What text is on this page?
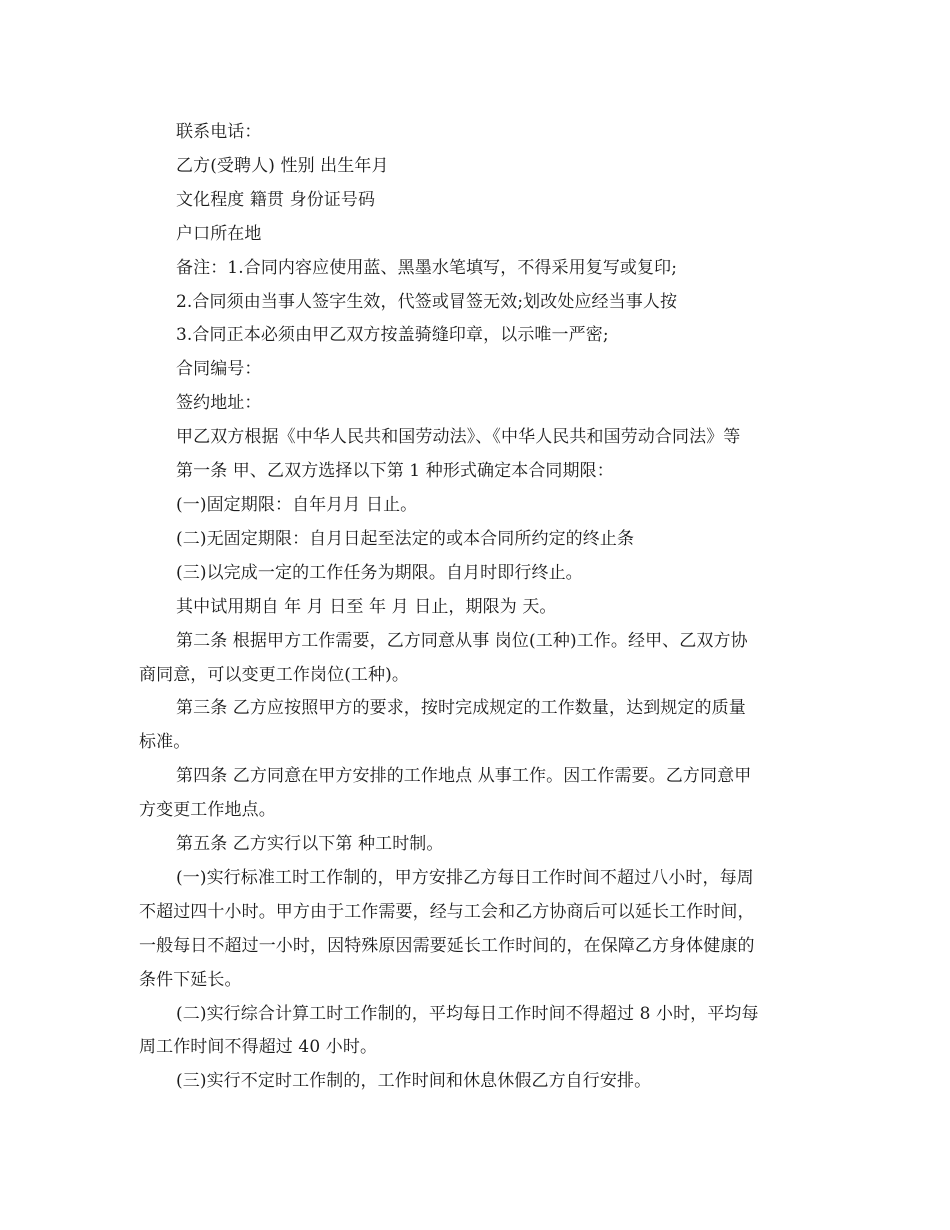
联系电话：
乙方(受聘人) 性别 出生年月
文化程度 籍贯 身份证号码
户口所在地
备注：1.合同内容应使用蓝、黑墨水笔填写，不得采用复写或复印;
2.合同须由当事人签字生效，代签或冒签无效;划改处应经当事人按
3.合同正本必须由甲乙双方按盖骑缝印章，以示唯一严密;
合同编号：
签约地址：
甲乙双方根据《中华人民共和国劳动法》、《中华人民共和国劳动合同法》等
第一条 甲、乙双方选择以下第 1 种形式确定本合同期限：
(一)固定期限：自年月月 日止。
(二)无固定期限：自月日起至法定的或本合同所约定的终止条
(三)以完成一定的工作任务为期限。自月时即行终止。
其中试用期自 年 月 日至 年 月 日止，期限为 天。
第二条 根据甲方工作需要，乙方同意从事 岗位(工种)工作。经甲、乙双方协
商同意，可以变更工作岗位(工种)。
第三条 乙方应按照甲方的要求，按时完成规定的工作数量，达到规定的质量
标准。
第四条 乙方同意在甲方安排的工作地点 从事工作。因工作需要。乙方同意甲
方变更工作地点。
第五条 乙方实行以下第 种工时制。
(一)实行标准工时工作制的，甲方安排乙方每日工作时间不超过八小时，每周
不超过四十小时。甲方由于工作需要，经与工会和乙方协商后可以延长工作时间，
一般每日不超过一小时，因特殊原因需要延长工作时间的，在保障乙方身体健康的
条件下延长。
(二)实行综合计算工时工作制的，平均每日工作时间不得超过 8 小时，平均每
周工作时间不得超过 40 小时。
(三)实行不定时工作制的，工作时间和休息休假乙方自行安排。
